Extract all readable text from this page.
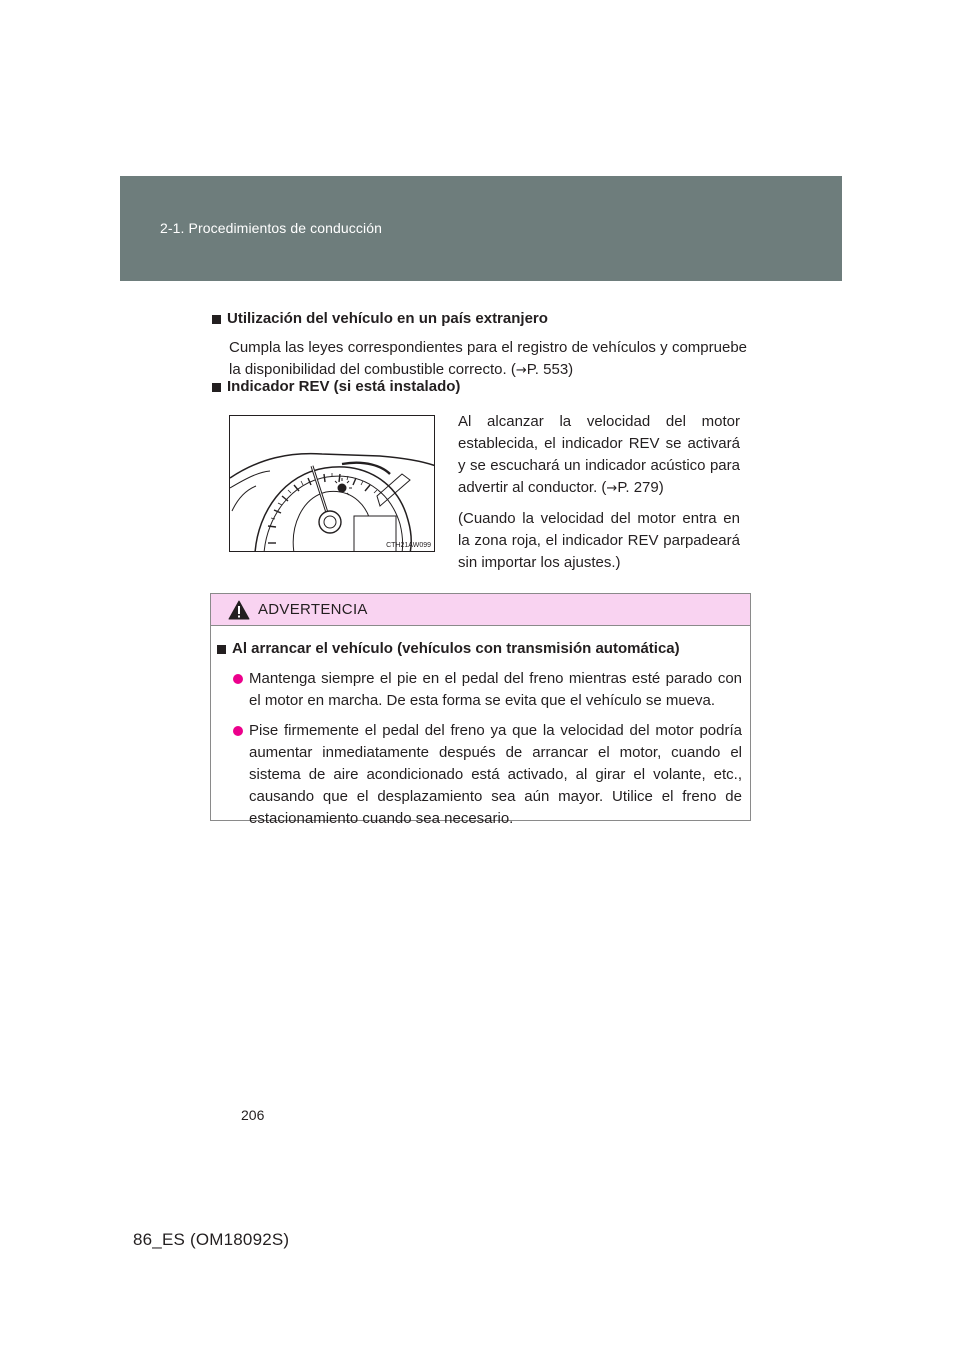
2-1. Procedimientos de conducción
Utilización del vehículo en un país extranjero
Cumpla las leyes correspondientes para el registro de vehículos y compruebe la disponibilidad del combustible correcto. (→P. 553)
Indicador REV (si está instalado)
CTH21AW099

Al alcanzar la velocidad del motor establecida, el indicador REV se activará y se escuchará un indicador acústico para advertir al conductor. (→P. 279)

(Cuando la velocidad del motor entra en la zona roja, el indicador REV parpadeará sin importar los ajustes.)

ADVERTENCIA
Al arrancar el vehículo (vehículos con transmisión automática)
Mantenga siempre el pie en el pedal del freno mientras esté parado con el motor en marcha. De esta forma se evita que el vehículo se mueva.
Pise firmemente el pedal del freno ya que la velocidad del motor podría aumentar inmediatamente después de arrancar el motor, cuando el sistema de aire acondicionado está activado, al girar el volante, etc., causando que el desplazamiento sea aún mayor. Utilice el freno de estacionamiento cuando sea necesario.
206
86_ES (OM18092S)
